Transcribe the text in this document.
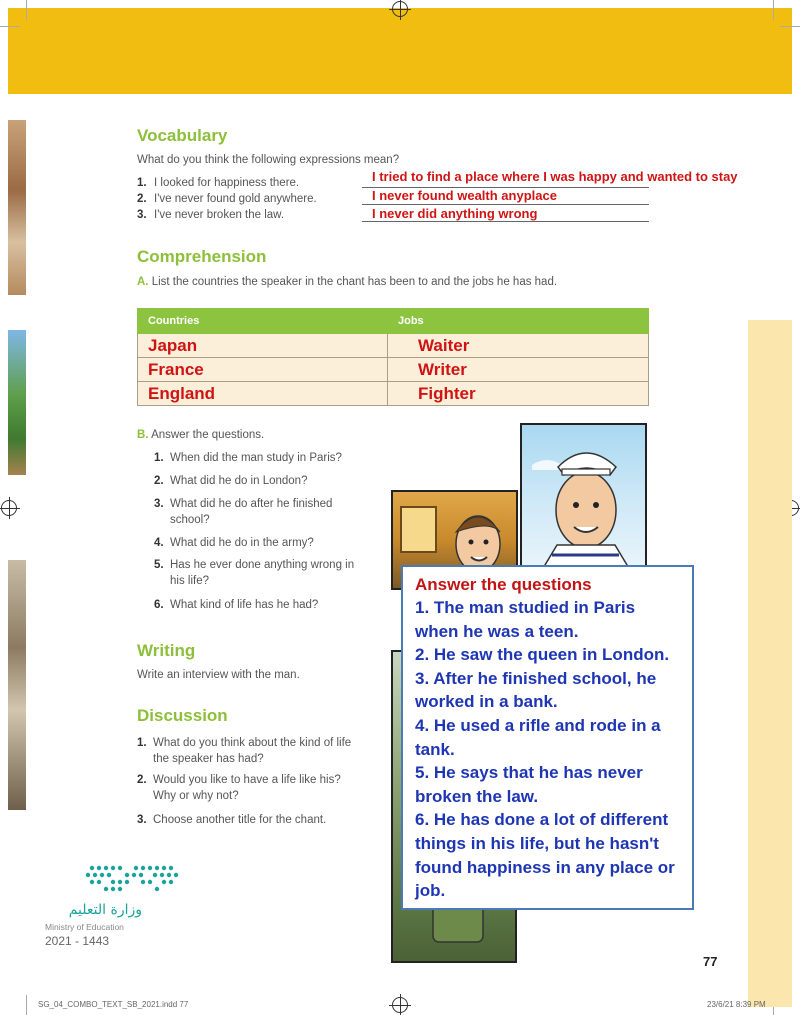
Vocabulary
What do you think the following expressions mean?
1. I looked for happiness there.
2. I've never found gold anywhere.
3. I've never broken the law.
I tried to find a place where I was happy and wanted to stay
I never found wealth anyplace
I never did anything wrong
Comprehension
A. List the countries the speaker in the chant has been to and the jobs he has had.
Countries	Jobs
Japan	Waiter
France	Writer
England	Fighter
B. Answer the questions.
1. When did the man study in Paris?
2. What did he do in London?
3. What did he do after he finished
school?
4. What did he do in the army?
5. Has he ever done anything wrong in
his life?
6. What kind of life has he had?
Writing
Write an interview with the man.
Discussion
1. What do you think about the kind of life
the speaker has had?
2. Would you like to have a life like his?
Why or why not?
3. Choose another title for the chant.
Answer the questions
1. The man studied in Paris
when he was a teen.
2. He saw the queen in London.
3. After he finished school, he
worked in a bank.
4. He used a rifle and rode in a
tank.
5. He says that he has never
broken the law.
6. He has done a lot of different
things in his life, but he hasn't
found happiness in any place or
job.
وزارة التعليم
Ministry of Education
2021 - 1443
77
SG_04_COMBO_TEXT_SB_2021.indd 77	23/6/21 8:39 PM
